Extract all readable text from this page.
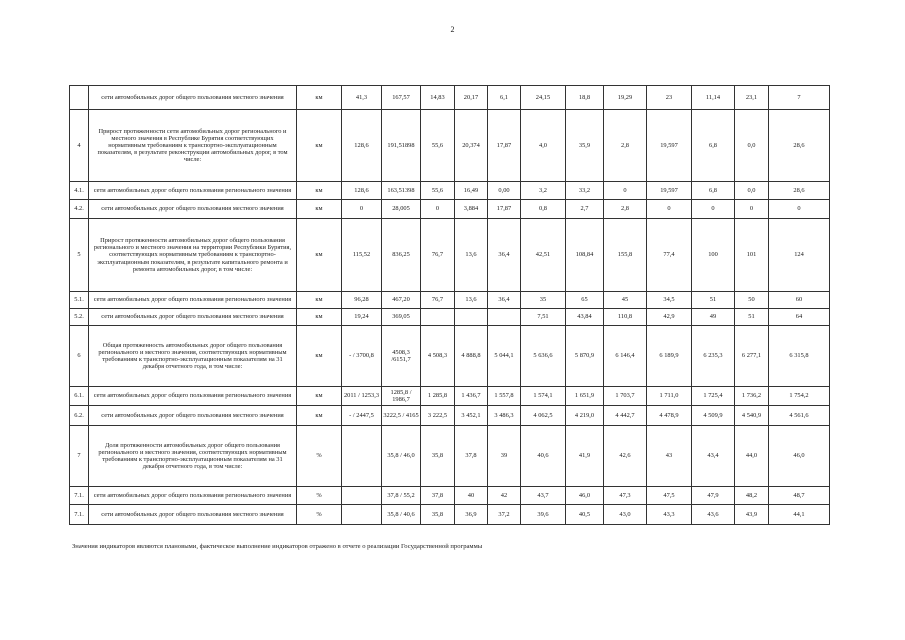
2
	сети автомобильных дорог общего пользования местного значения	км	41,3	167,57	14,83	20,17	6,1	24,15	18,8	19,29	23	11,14	23,1	7
4	Прирост протяженности сети автомобильных дорог регионального и местного значения в Республике Бурятия соответствующих нормативным требованиям к транспортно-эксплуатационным показателям, в результате реконструкции автомобильных дорог, в том числе:	км	128,6	191,51898	55,6	20,374	17,87	4,0	35,9	2,8	19,597	6,8	0,0	28,6
4.1.	сети автомобильных дорог общего пользования регионального значения	км	128,6	163,51398	55,6	16,49	0,00	3,2	33,2	0	19,597	6,8	0,0	28,6
4.2.	сети автомобильных дорог общего пользования местного значения	км	0	28,005	0	3,884	17,87	0,8	2,7	2,8	0	0	0	0
5	Прирост протяженности автомобильных дорог общего пользования регионального и местного значения на территории Республики Бурятия, соответствующих нормативным требованиям к транспортно-эксплуатационным показателям, в результате капитального ремонта и ремонта автомобильных дорог, в том числе:	км	115,52	836,25	76,7	13,6	36,4	42,51	108,84	155,8	77,4	100	101	124
5.1.	сети автомобильных дорог общего пользования регионального значения	км	96,28	467,20	76,7	13,6	36,4	35	65	45	34,5	51	50	60
5.2.	сети автомобильных дорог общего пользования местного значения	км	19,24	369,05				7,51	43,84	110,8	42,9	49	51	64
6	Общая протяженность автомобильных дорог общего пользования регионального и местного значения, соответствующих нормативным требованиям к транспортно-эксплуатационным показателям на 31 декабря отчетного года, в том числе:	км	- / 3700,8	4508,3 /6151,7	4 508,3	4 888,8	5 044,1	5 636,6	5 870,9	6 146,4	6 189,9	6 235,3	6 277,1	6 315,8
6.1.	сети автомобильных дорог общего пользования регионального значения	км	2011 / 1253,3	1285,8 / 1986,7	1 285,8	1 436,7	1 557,8	1 574,1	1 651,9	1 703,7	1 711,0	1 725,4	1 736,2	1 754,2
6.2.	сети автомобильных дорог общего пользования местного значения	км	- / 2447,5	3222,5 / 4165	3 222,5	3 452,1	3 486,3	4 062,5	4 219,0	4 442,7	4 478,9	4 509,9	4 540,9	4 561,6
7	Доля протяженности автомобильных дорог общего пользования регионального и местного значения, соответствующих нормативным требованиям к транспортно-эксплуатационным показателям на 31 декабря отчетного года, в том числе:	%		35,8 / 46,0	35,8	37,8	39	40,6	41,9	42,6	43	43,4	44,0	46,0
7.1.	сети автомобильных дорог общего пользования регионального значения	%		37,8 / 55,2	37,8	40	42	43,7	46,0	47,3	47,5	47,9	48,2	48,7
7.1.	сети автомобильных дорог общего пользования местного значения	%		35,8 / 40,6	35,8	36,9	37,2	39,6	40,5	43,0	43,3	43,6	43,9	44,1
Значения индикаторов являются плановыми, фактическое выполнение индикаторов отражено в отчете о реализации Государственной программы
